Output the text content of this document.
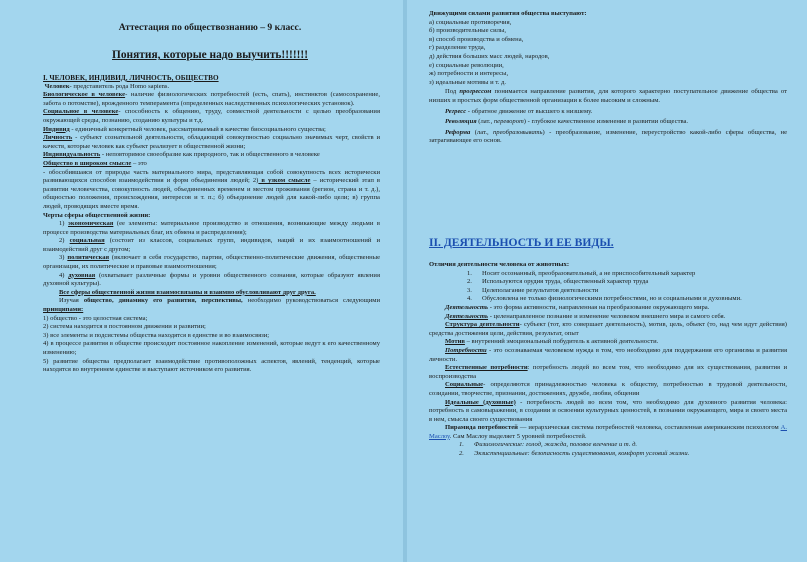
Аттестация по обществознанию – 9 класс.

Понятия, которые надо выучить!!!!!!!

I. ЧЕЛОВЕК, ИНДИВИД, ЛИЧНОСТЬ, ОБЩЕСТВО

Человек- представитель рода Homo sapiens.

Биологическое в человеке- наличие физиологических потребностей (есть, спать), инстинктов (самосохранение, забота о потомстве), врожденного темперамента (определенных наследственных психологических установок).

Социальное в человеке- способность к общению, труду, совместной деятельности с целью преобразования окружающей среды, познанию, созданию культуры и т.д.

Индивид - единичный конкретный человек, рассматриваемый в качестве биосоциального существа;

Личность - субъект сознательной деятельности, обладающий совокупностью социально значимых черт, свойств и качеств, которые человек как субъект реализует в общественной жизни;

Индивидуальность - неповторимое своеобразие как природного, так и общественного в человеке

Общество в широком смысле – это

- обособившаяся от природы часть материального мира, представляющая собой совокупность всех исторически развивающихся способов взаимодействия и форм объединения людей; 2) в узком смысле – исторический этап в развитии человечества, совокупность людей, объединенных временем и местом проживания (регион, страна и т. д.), общностью положения, происхождения, интересов и т. п.; б) объединение людей для какой-либо цели; в) группа людей, проводящих вместе время.

Черты сферы общественной жизни:

1) экономическая (ее элементы: материальное производство и отношения, возникающие между людьми в процессе производства материальных благ, их обмена и распределения);

2) социальная (состоит из классов, социальных групп, индивидов, наций и их взаимоотношений и взаимодействий друг с другом;

3) политическая (включает в себя государство, партии, общественно-политические движения, общественные организации, их политические и правовые взаимоотношения;

4) духовная (охватывает различные формы и уровни общественного сознания, которые образуют явления духовной культуры).

Все сферы общественной жизни взаимосвязаны и взаимно обусловливают друг друга.

Изучая общество, динамику его развития, перспективы, необходимо руководствоваться следующими принципами:

1) общество - это целостная система;
2) система находится в постоянном движении и развитии;
3) все элементы и подсистемы общества находятся в единстве и во взаимосвязи;
4) в процессе развития в обществе происходит постоянное накопление изменений, которые ведут к его качественному изменению;
5) развитие общества предполагает взаимодействие противоположных аспектов, явлений, тенденций, которые находятся во внутреннем единстве и выступают источником его развития.

Движущими силами развития общества выступают:

а) социальные противоречия,
б) производительные силы,
в) способ производства и обмена,
г) разделение труда,
д) действия больших масс людей, народов,
е) социальные революции,
ж) потребности и интересы,
з) идеальные мотивы и т. д.

Под прогрессом понимается направление развития, для которого характерно поступательное движение общества от низших и простых форм общественной организации к более высоким и сложным.

Регресс - обратное движение от высшего к низшему.

Революция (лат., переворот) - глубокое качественное изменение в развитии общества.

Реформа (лат., преобразовывать) - преобразование, изменение, переустройство какой-либо сферы общества, не затрагивающее его основ.

II. ДЕЯТЕЛЬНОСТЬ И ЕЕ ВИДЫ.

Отличия деятельности человека от животных:

1.	Носит осознанный, преобразовательный, а не приспособительный характер
2.	Используются орудия труда, общественный характер труда
3.	Целеполагание результатов деятельности
4.	Обусловлена не только физиологическими потребностями, но и социальными и духовными.

Деятельность - это форма активности, направленная на преобразование окружающего мира.

Деятельность - целенаправленное познание и изменение человеком внешнего мира и самого себя.

Структура деятельности- субъект (тот, кто совершает деятельность), мотив, цель, объект (то, над чем идут действия) средства достижения цели, действия, результат, опыт

Мотив – внутренний эмоциональный побудитель к активной деятельности.

Потребности - это осознаваемая человеком нужда в том, что необходимо для поддержания его организма и развития личности.

Естественные потребности: потребность людей во всем том, что необходимо для их существования, развития и воспроизводства

Социальные- определяются принадлежностью человека к обществу, потребностью в трудовой деятельности, созидании, творчестве, признании, достижениях, дружбе, любви, общении

Идеальные (духовные) - потребность людей во всем том, что необходимо для духовного развития человека: потребность в самовыражении, в создании и освоении культурных ценностей, в познании окружающего, мира и своего места в нем, смысла своего существования

Пирамида потребностей — иерархическая система потребностей человека, составленная американским психологом А. Маслоу. Сам Маслоу выделяет 5 уровней потребностей.

1.	Физиологические: голод, жажда, половое влечение и т. д.
2.	Экзистенциальные: безопасность существования, комфорт условий жизни.
